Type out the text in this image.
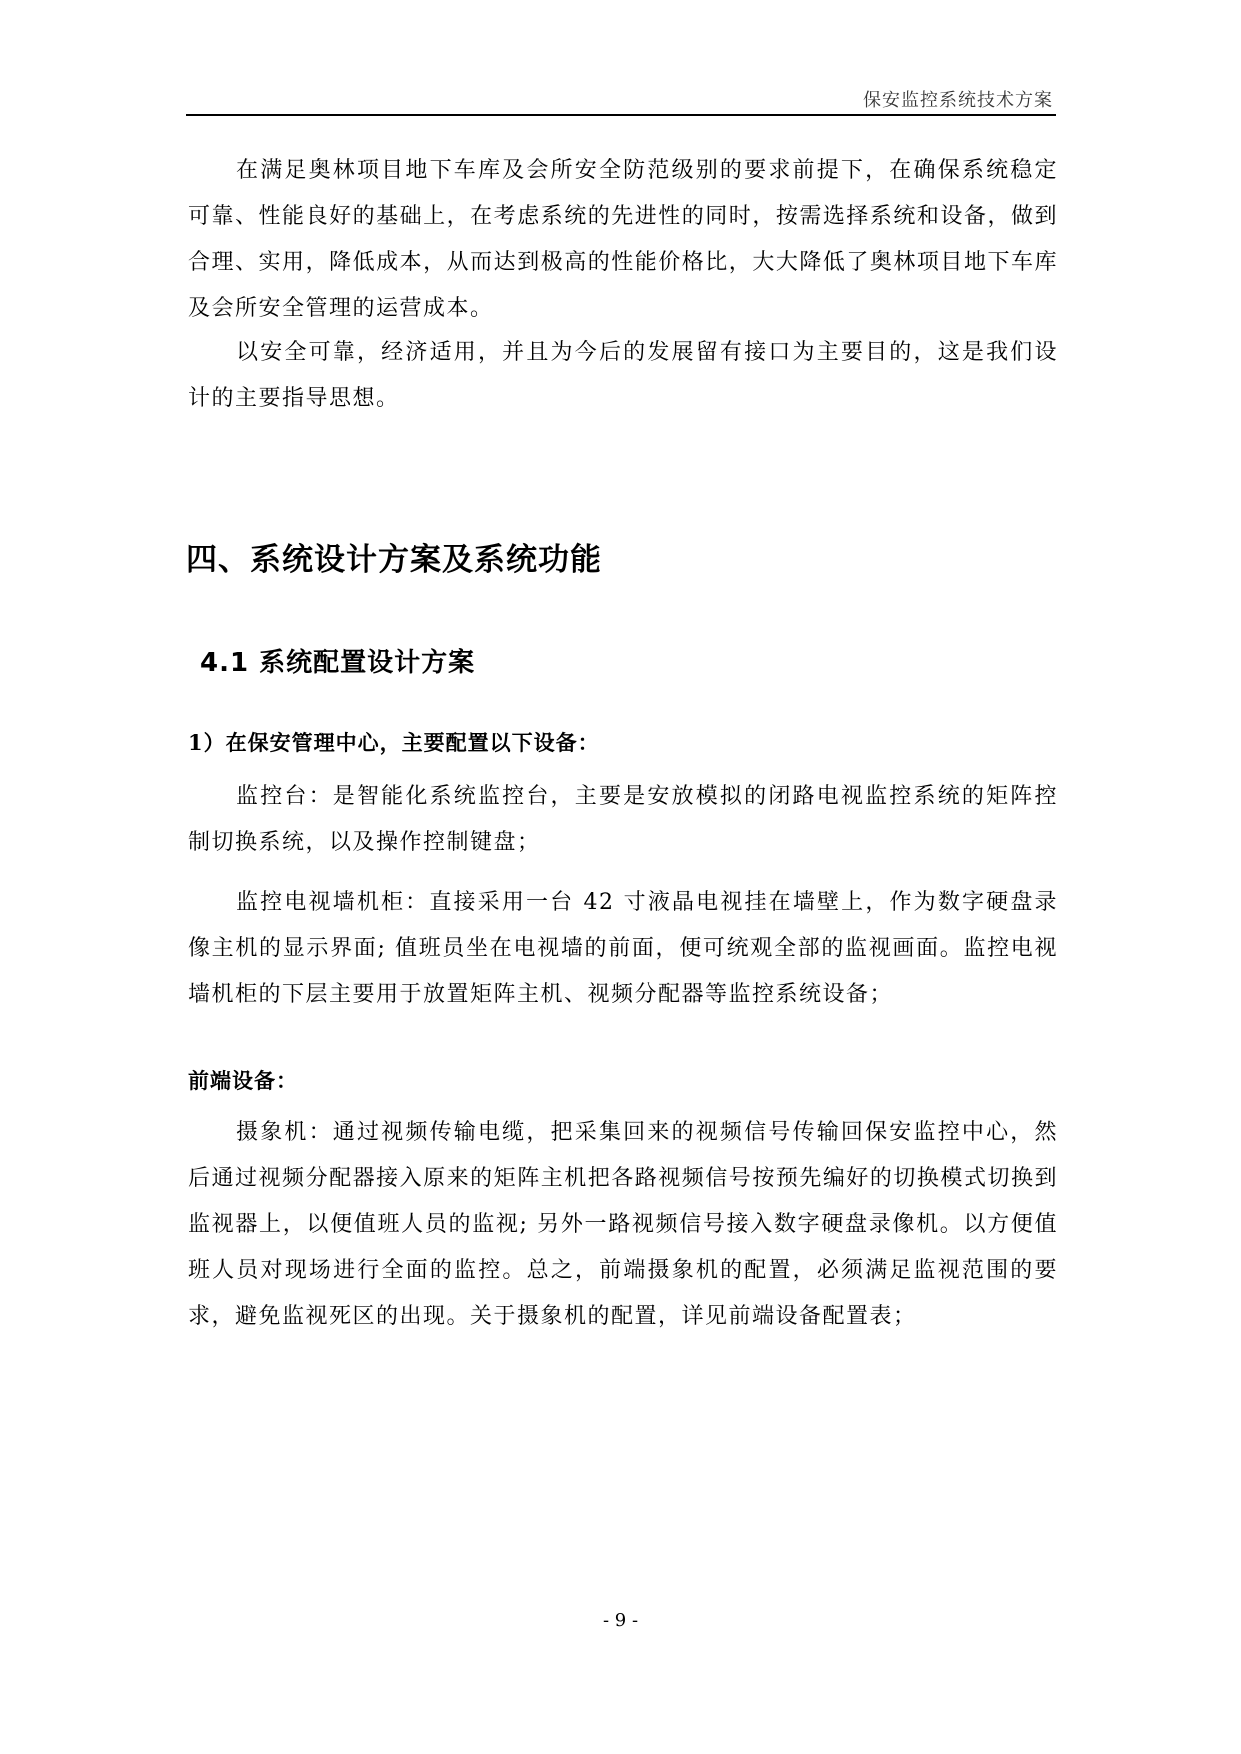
保安监控系统技术方案

在满足奥林项目地下车库及会所安全防范级别的要求前提下，在确保系统稳定可靠、性能良好的基础上，在考虑系统的先进性的同时，按需选择系统和设备，做到合理、实用，降低成本，从而达到极高的性能价格比，大大降低了奥林项目地下车库及会所安全管理的运营成本。

以安全可靠，经济适用，并且为今后的发展留有接口为主要目的，这是我们设计的主要指导思想。

四、系统设计方案及系统功能
4.1 系统配置设计方案
1）在保安管理中心，主要配置以下设备：

监控台：是智能化系统监控台，主要是安放模拟的闭路电视监控系统的矩阵控制切换系统，以及操作控制键盘；

监控电视墙机柜：直接采用一台 42 寸液晶电视挂在墙壁上，作为数字硬盘录像主机的显示界面; 值班员坐在电视墙的前面，便可统观全部的监视画面。监控电视墙机柜的下层主要用于放置矩阵主机、视频分配器等监控系统设备；

前端设备：

摄象机：通过视频传输电缆，把采集回来的视频信号传输回保安监控中心，然后通过视频分配器接入原来的矩阵主机把各路视频信号按预先编好的切换模式切换到监视器上，以便值班人员的监视; 另外一路视频信号接入数字硬盘录像机。以方便值班人员对现场进行全面的监控。总之，前端摄象机的配置，必须满足监视范围的要求，避免监视死区的出现。关于摄象机的配置，详见前端设备配置表；

- 9 -
